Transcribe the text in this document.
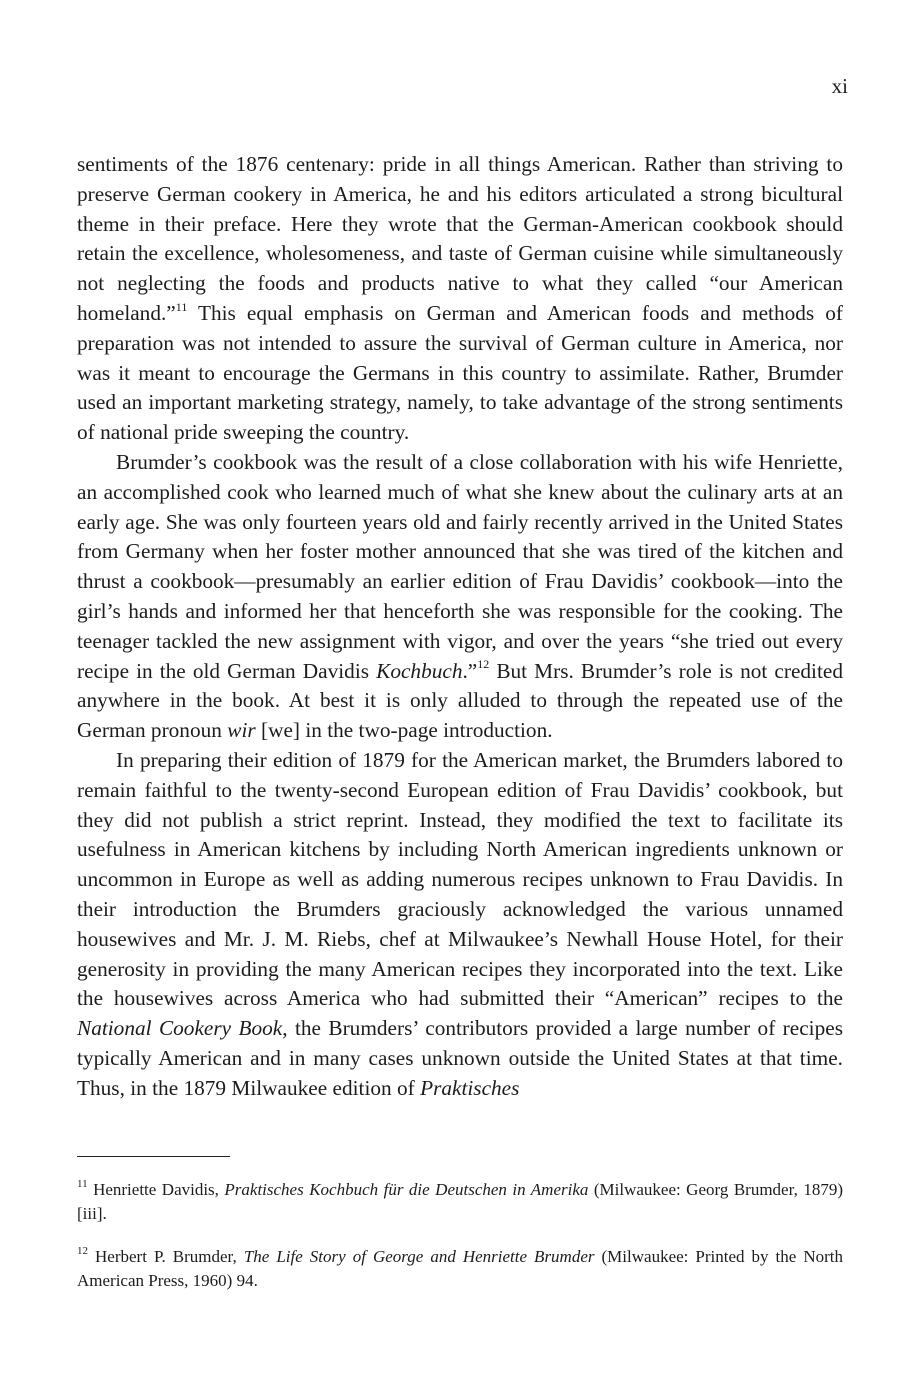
xi

sentiments of the 1876 centenary: pride in all things American. Rather than striving to preserve German cookery in America, he and his editors articulated a strong bicultural theme in their preface. Here they wrote that the German-American cookbook should retain the excellence, wholesomeness, and taste of German cuisine while simultaneously not neglecting the foods and products native to what they called “our American homeland.”$^{11}$ This equal emphasis on German and American foods and methods of preparation was not intended to assure the survival of German culture in America, nor was it meant to encourage the Germans in this country to assimilate. Rather, Brumder used an important marketing strategy, namely, to take advantage of the strong sentiments of national pride sweeping the country.

Brumder’s cookbook was the result of a close collaboration with his wife Henriette, an accomplished cook who learned much of what she knew about the culinary arts at an early age. She was only fourteen years old and fairly recently arrived in the United States from Germany when her foster mother announced that she was tired of the kitchen and thrust a cookbook—presumably an earlier edition of Frau Davidis’ cookbook—into the girl’s hands and informed her that henceforth she was responsible for the cooking. The teenager tackled the new assignment with vigor, and over the years “she tried out every recipe in the old German Davidis Kochbuch.”$^{12}$ But Mrs. Brumder’s role is not credited anywhere in the book. At best it is only alluded to through the repeated use of the German pronoun wir [we] in the two-page introduction.

In preparing their edition of 1879 for the American market, the Brumders labored to remain faithful to the twenty-second European edition of Frau Davidis’ cookbook, but they did not publish a strict reprint. Instead, they modified the text to facilitate its usefulness in American kitchens by including North American ingredients unknown or uncommon in Europe as well as adding numerous recipes unknown to Frau Davidis. In their introduction the Brumders graciously acknowledged the various unnamed housewives and Mr. J. M. Riebs, chef at Milwaukee’s Newhall House Hotel, for their generosity in providing the many American recipes they incorporated into the text. Like the housewives across America who had submitted their “American” recipes to the National Cookery Book, the Brumders’ contributors provided a large number of recipes typically American and in many cases unknown outside the United States at that time. Thus, in the 1879 Milwaukee edition of Praktisches

$^{11}$ Henriette Davidis, Praktisches Kochbuch für die Deutschen in Amerika (Milwaukee: Georg Brumder, 1879) [iii].

$^{12}$ Herbert P. Brumder, The Life Story of George and Henriette Brumder (Milwaukee: Printed by the North American Press, 1960) 94.
